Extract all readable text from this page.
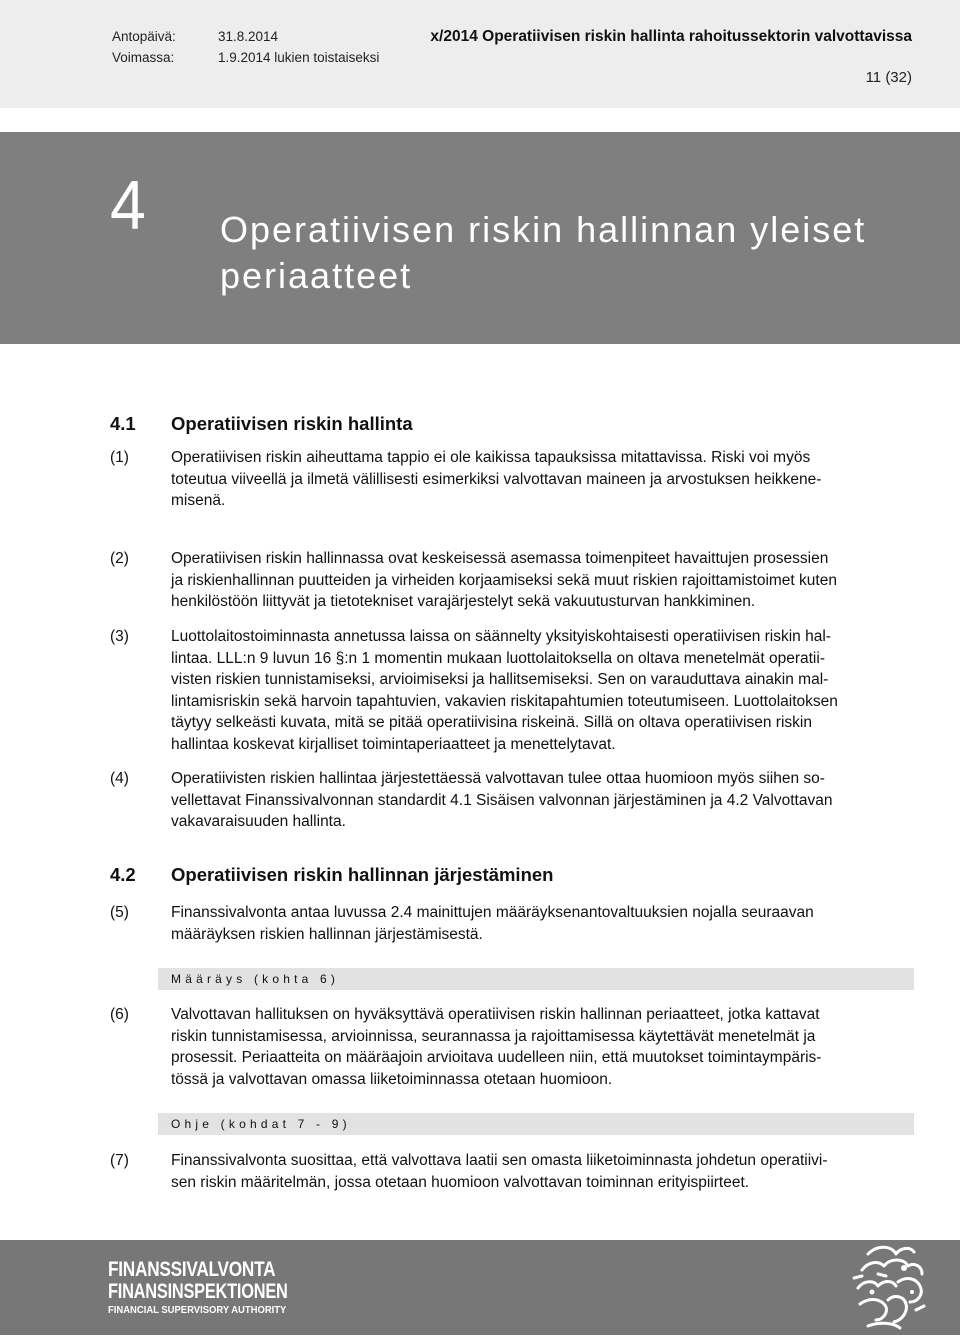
Antopäivä:	31.8.2014
Voimassa:	1.9.2014 lukien toistaiseksi
x/2014 Operatiivisen riskin hallinta rahoitussektorin valvottavissa
11 (32)
4 Operatiivisen riskin hallinnan yleiset
periaatteet
4.1 Operatiivisen riskin hallinta
(1)	Operatiivisen riskin aiheuttama tappio ei ole kaikissa tapauksissa mitattavissa. Riski voi myös
toteutua viiveellä ja ilmetä välillisesti esimerkiksi valvottavan maineen ja arvostuksen heikkene-
misenä.
(2)	Operatiivisen riskin hallinnassa ovat keskeisessä asemassa toimenpiteet havaittujen prosessien
ja riskienhallinnan puutteiden ja virheiden korjaamiseksi sekä muut riskien rajoittamistoimet kuten
henkilöstöön liittyvät ja tietotekniset varajärjestelyt sekä vakuutusturvan hankkiminen.
(3)	Luottolaitostoiminnasta annetussa laissa on säännelty yksityiskohtaisesti operatiivisen riskin hal-
lintaa. LLL:n 9 luvun 16 §:n 1 momentin mukaan luottolaitoksella on oltava menetelmät operatii-
visten riskien tunnistamiseksi, arvioimiseksi ja hallitsemiseksi. Sen on varauduttava ainakin mal-
lintamisriskin sekä harvoin tapahtuvien, vakavien riskitapahtumien toteutumiseen. Luottolaitoksen
täytyy selkeästi kuvata, mitä se pitää operatiivisina riskeinä. Sillä on oltava operatiivisen riskin
hallintaa koskevat kirjalliset toimintaperiaatteet ja menettelytavat.
(4)	Operatiivisten riskien hallintaa järjestettäessä valvottavan tulee ottaa huomioon myös siihen so-
vellettavat Finanssivalvonnan standardit 4.1 Sisäisen valvonnan järjestäminen ja 4.2 Valvottavan
vakavaraisuuden hallinta.
4.2 Operatiivisen riskin hallinnan järjestäminen
(5)	Finanssivalvonta antaa luvussa 2.4 mainittujen määräyksenantovaltuuksien nojalla seuraavan
määräyksen riskien hallinnan järjestämisestä.
Määräys (kohta 6)
(6)	Valvottavan hallituksen on hyväksyttävä operatiivisen riskin hallinnan periaatteet, jotka kattavat
riskin tunnistamisessa, arvioinnissa, seurannassa ja rajoittamisessa käytettävät menetelmät ja
prosessit. Periaatteita on määräajoin arvioitava uudelleen niin, että muutokset toimintaympäris-
tössä ja valvottavan omassa liiketoiminnassa otetaan huomioon.
Ohje (kohdat 7 - 9)
(7)	Finanssivalvonta suosittaa, että valvottava laatii sen omasta liiketoiminnasta johdetun operatiivi-
sen riskin määritelmän, jossa otetaan huomioon valvottavan toiminnan erityispiirteet.
FINANSSIVALVONTA
FINANSINSPEKTIONEN
FINANCIAL SUPERVISORY AUTHORITY
